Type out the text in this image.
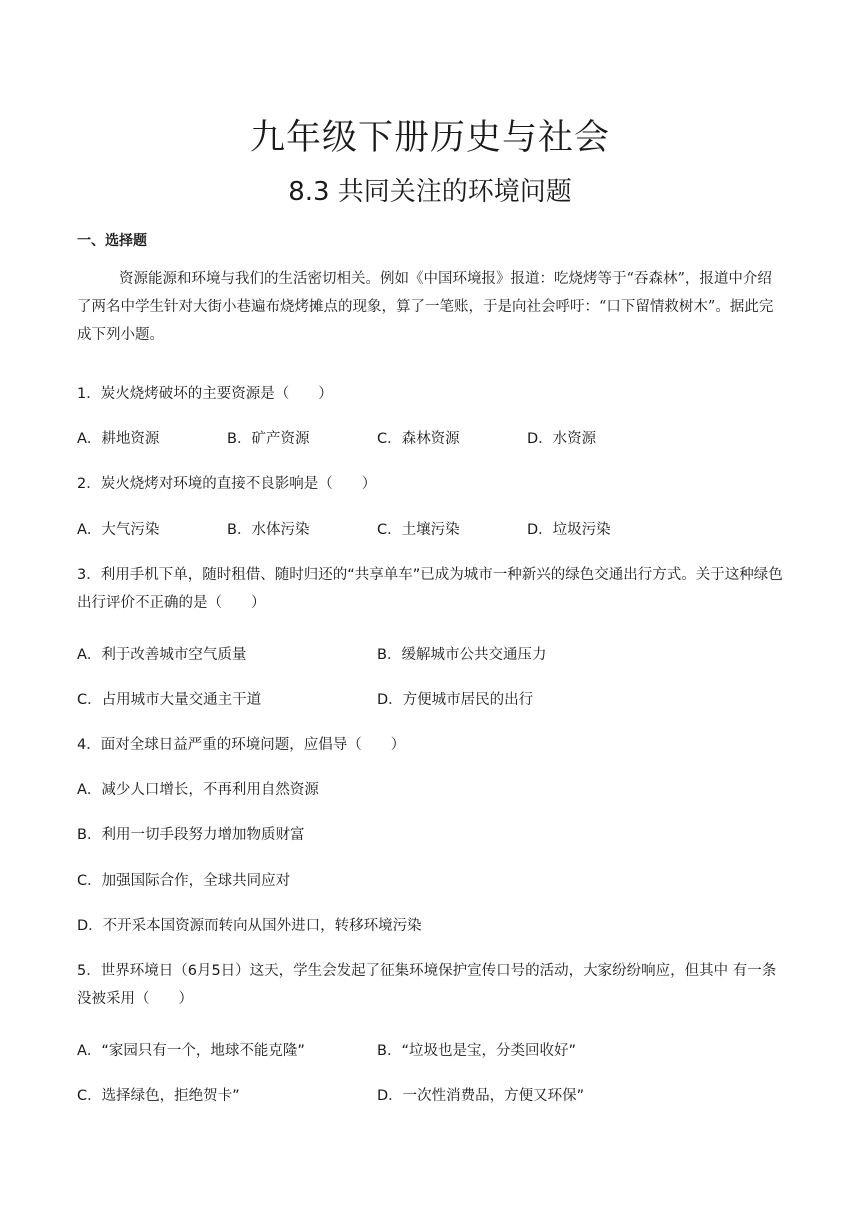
九年级下册历史与社会
8.3 共同关注的环境问题
一、选择题
资源能源和环境与我们的生活密切相关。例如《中国环境报》报道：吃烧烤等于“吞森林”，报道中介绍了两名中学生针对大街小巷遍布烧烤摊点的现象，算了一笔账，于是向社会呼吁：“口下留情救树木”。据此完成下列小题。
1．炭火烧烤破坏的主要资源是（　　）
A．耕地资源	B．矿产资源	C．森林资源	D．水资源
2．炭火烧烤对环境的直接不良影响是（　　）
A．大气污染	B．水体污染	C．土壤污染	D．垃圾污染
3．利用手机下单，随时租借、随时归还的“共享单车”已成为城市一种新兴的绿色交通出行方式。关于这种绿色出行评价不正确的是（　　）
A．利于改善城市空气质量	B．缓解城市公共交通压力
C．占用城市大量交通主干道	D．方便城市居民的出行
4．面对全球日益严重的环境问题，应倡导（　　）
A．减少人口增长，不再利用自然资源
B．利用一切手段努力增加物质财富
C．加强国际合作，全球共同应对
D．不开采本国资源而转向从国外进口，转移环境污染
5．世界环境日（6月5日）这天，学生会发起了征集环境保护宣传口号的活动，大家纷纷响应，但其中 有一条没被采用（　　）
A．“家园只有一个，地球不能克隆”	B．“垃圾也是宝，分类回收好”
C．选择绿色，拒绝贺卡”	D．一次性消费品，方便又环保”
